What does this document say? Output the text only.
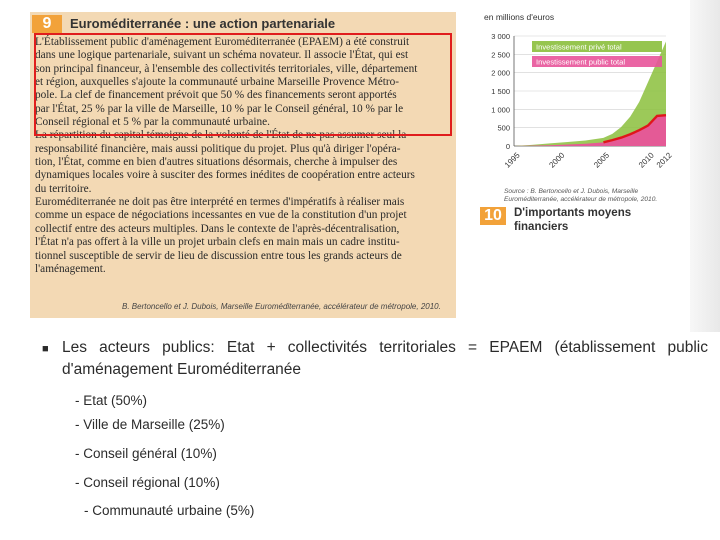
9	Euroméditerranée : une action partenariale

L'Établissement public d'aménagement Euroméditerranée (EPAEM) a été construit

dans une logique partenariale, suivant un schéma novateur. Il associe l'État, qui est

son principal financeur, à l'ensemble des collectivités territoriales, ville, département

et région, auxquelles s'ajoute la communauté urbaine Marseille Provence Métro-

pole. La clef de financement prévoit que 50 % des financements seront apportés

par l'État, 25 % par la ville de Marseille, 10 % par le Conseil général, 10 % par le

Conseil régional et 5 % par la communauté urbaine.

La répartition du capital témoigne de la volonté de l'État de ne pas assumer seul la

responsabilité financière, mais aussi politique du projet. Plus qu'à diriger l'opéra-

tion, l'État, comme en bien d'autres situations désormais, cherche à impulser des

dynamiques locales voire à susciter des formes inédites de coopération entre acteurs

du territoire.

Euroméditerranée ne doit pas être interprété en termes d'impératifs à réaliser mais

comme un espace de négociations incessantes en vue de la constitution d'un projet

collectif entre des acteurs multiples. Dans le contexte de l'après-décentralisation,

l'État n'a pas offert à la ville un projet urbain clefs en main mais un cadre institu-

tionnel susceptible de servir de lieu de discussion entre tous les grands acteurs de

l'aménagement.

B. Bertoncello et J. Dubois, Marseille Euroméditerranée, accélérateur de métropole, 2010.
en millions d'euros
0
500
1 000
1 500
2 000
2 500
3 000
1995	2000	2005	2010
2012
Investissement privé total
Investissement public total
Source : B. Bertoncello et J. Dubois, Marseille Euroméditerranée, accélérateur de métropole, 2010.
10	D'importants moyens financiers
■ Les acteurs publics: Etat + collectivités territoriales = EPAEM (établissement public d'aménagement Euroméditerranée
- Etat (50%)
- Ville de Marseille (25%)
- Conseil général (10%)
- Conseil régional (10%)
- Communauté urbaine (5%)
